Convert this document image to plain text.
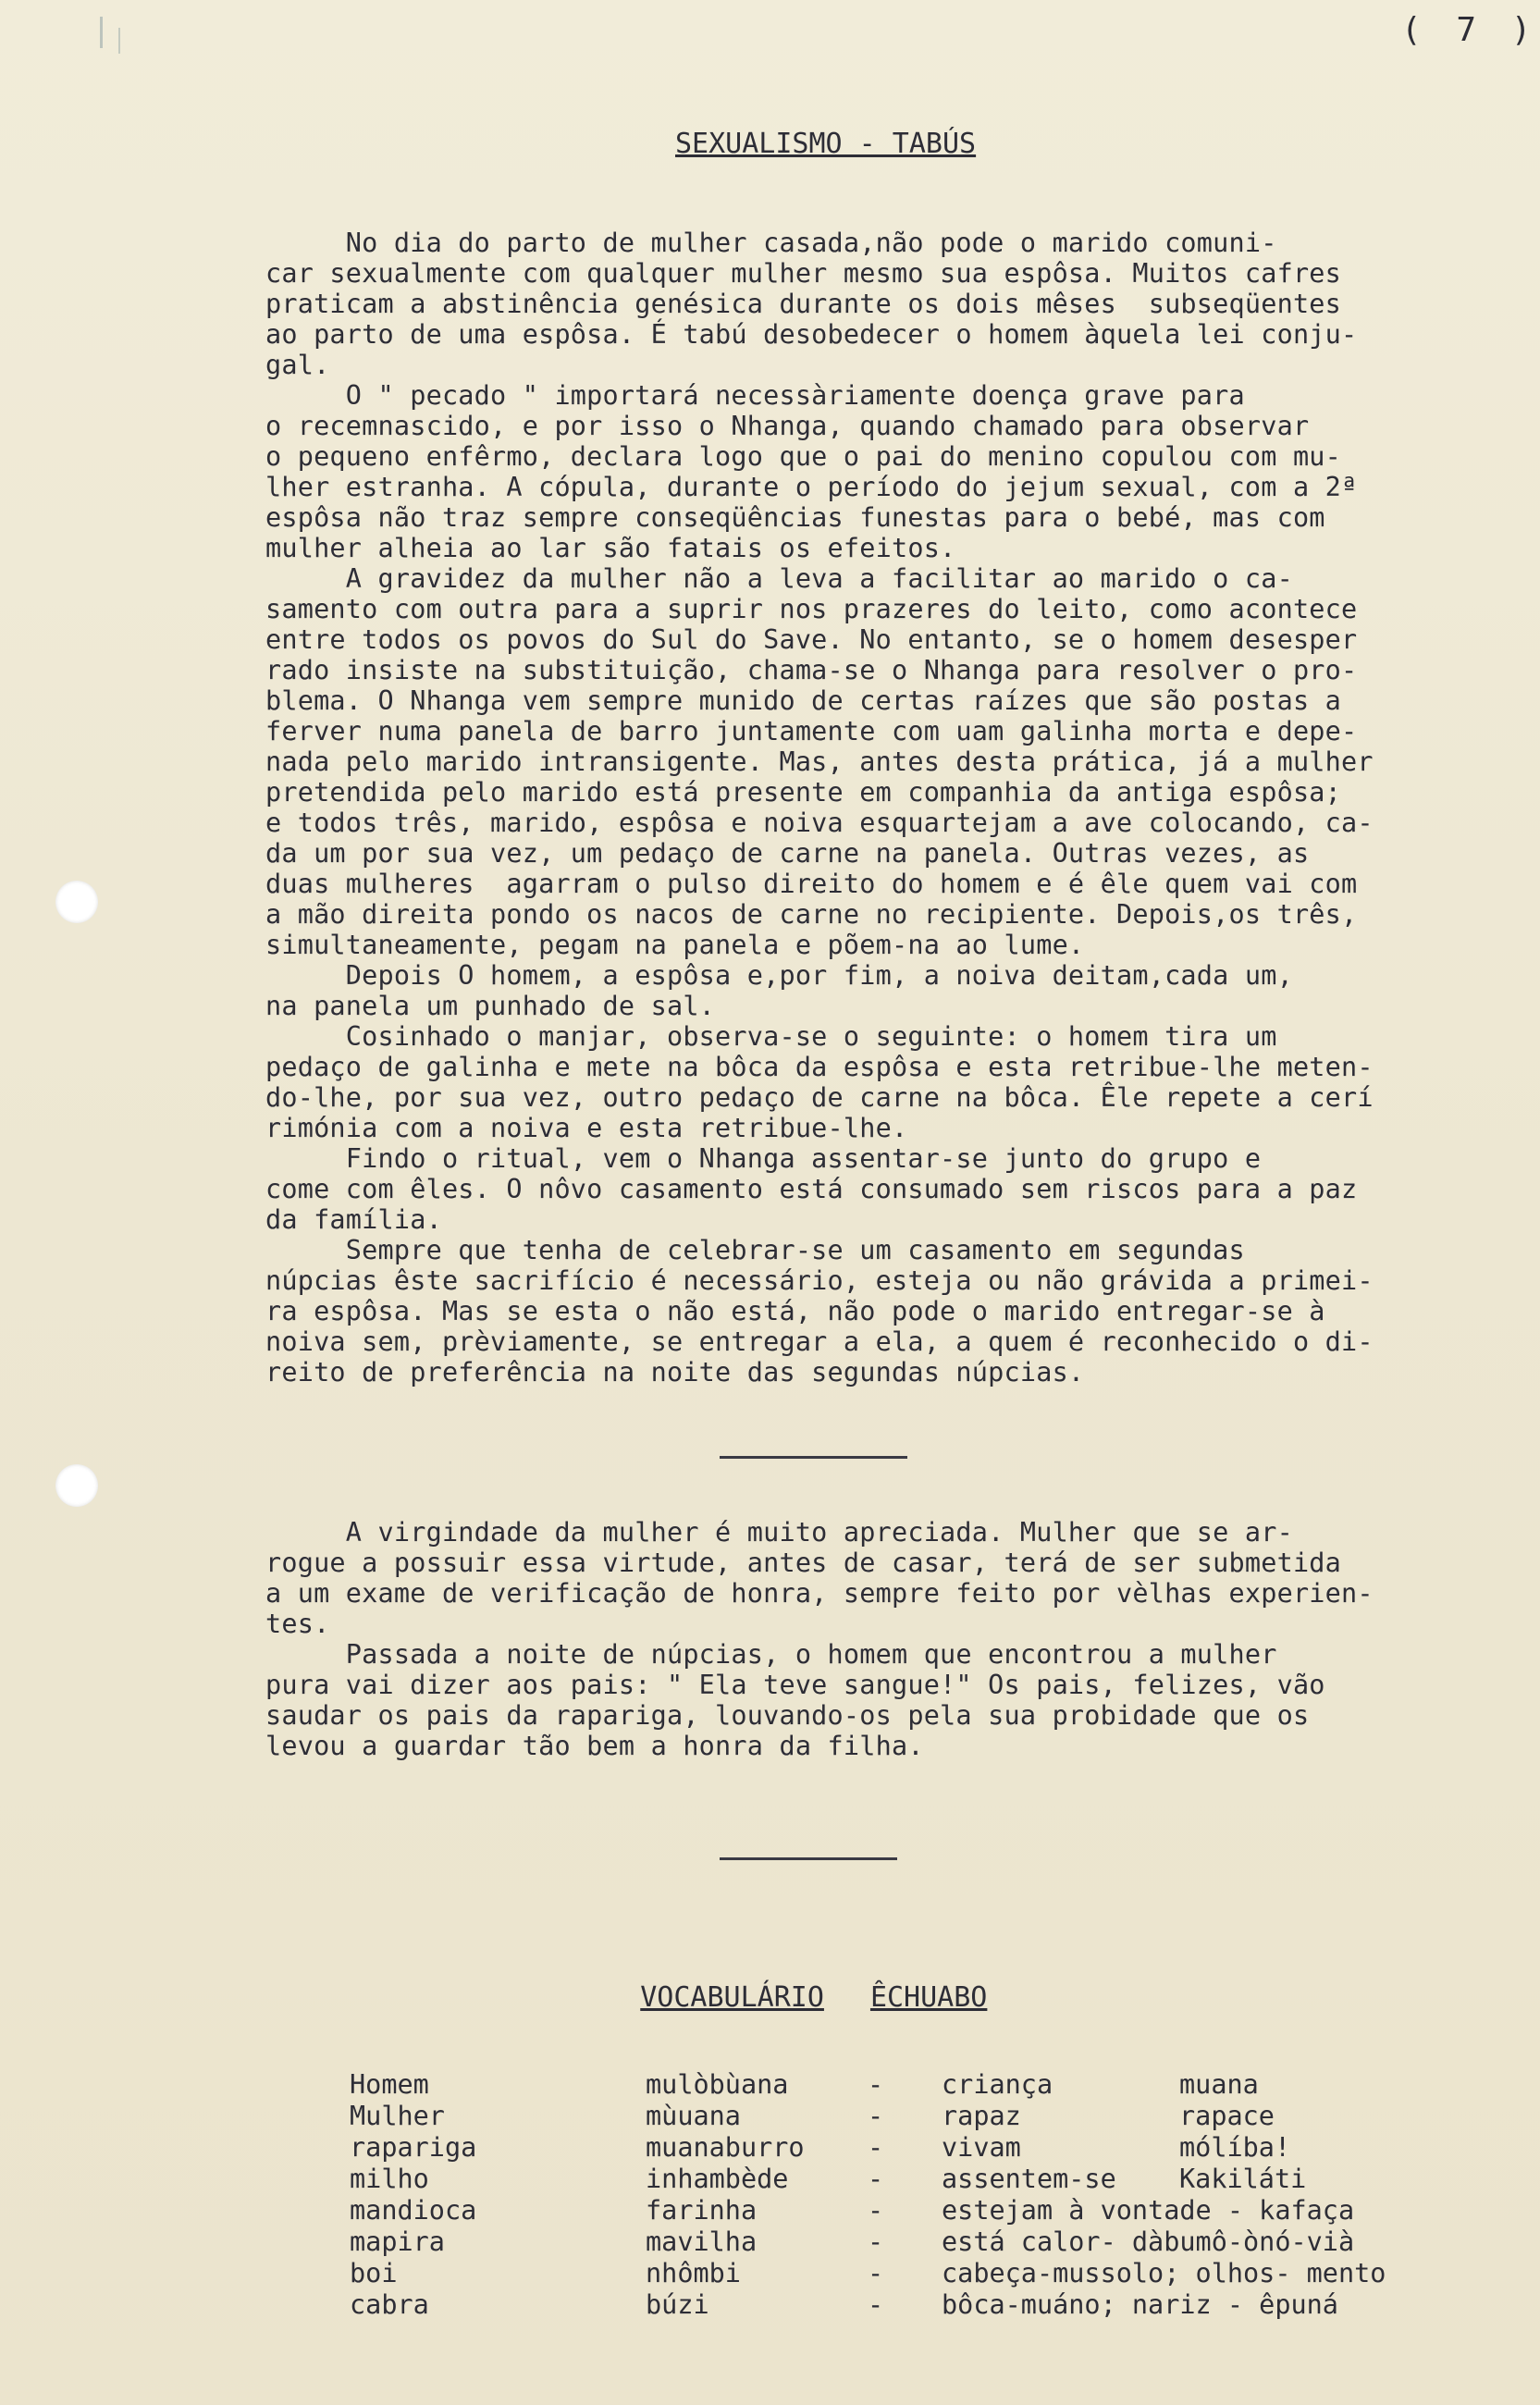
( 7 )
SEXUALISMO - TABÚS
No dia do parto de mulher casada,não pode o marido comuni-
car sexualmente com qualquer mulher mesmo sua espôsa. Muitos cafres
praticam a abstinência genésica durante os dois mêses  subseqüentes
ao parto de uma espôsa. É tabú desobedecer o homem àquela lei conju-
gal.
O " pecado " importará necessàriamente doença grave para
o recemnascido, e por isso o Nhanga, quando chamado para observar
o pequeno enfêrmo, declara logo que o pai do menino copulou com mu-
lher estranha. A cópula, durante o período do jejum sexual, com a 2ª
espôsa não traz sempre conseqüências funestas para o bebé, mas com
mulher alheia ao lar são fatais os efeitos.
A gravidez da mulher não a leva a facilitar ao marido o ca-
samento com outra para a suprir nos prazeres do leito, como acontece
entre todos os povos do Sul do Save. No entanto, se o homem desesper
rado insiste na substituição, chama-se o Nhanga para resolver o pro-
blema. O Nhanga vem sempre munido de certas raízes que são postas a
ferver numa panela de barro juntamente com uam galinha morta e depe-
nada pelo marido intransigente. Mas, antes desta prática, já a mulher
pretendida pelo marido está presente em companhia da antiga espôsa;
e todos três, marido, espôsa e noiva esquartejam a ave colocando, ca-
da um por sua vez, um pedaço de carne na panela. Outras vezes, as
duas mulheres  agarram o pulso direito do homem e é êle quem vai com
a mão direita pondo os nacos de carne no recipiente. Depois,os três,
simultaneamente, pegam na panela e põem-na ao lume.
Depois O homem, a espôsa e,por fim, a noiva deitam,cada um,
na panela um punhado de sal.
Cosinhado o manjar, observa-se o seguinte: o homem tira um
pedaço de galinha e mete na bôca da espôsa e esta retribue-lhe meten-
do-lhe, por sua vez, outro pedaço de carne na bôca. Êle repete a cerí
rimónia com a noiva e esta retribue-lhe.
Findo o ritual, vem o Nhanga assentar-se junto do grupo e
come com êles. O nôvo casamento está consumado sem riscos para a paz
da família.
Sempre que tenha de celebrar-se um casamento em segundas
núpcias êste sacrifício é necessário, esteja ou não grávida a primei-
ra espôsa. Mas se esta o não está, não pode o marido entregar-se à
noiva sem, prèviamente, se entregar a ela, a quem é reconhecido o di-
reito de preferência na noite das segundas núpcias.
A virgindade da mulher é muito apreciada. Mulher que se ar-
rogue a possuir essa virtude, antes de casar, terá de ser submetida
a um exame de verificação de honra, sempre feito por vèlhas experien-
tes.
Passada a noite de núpcias, o homem que encontrou a mulher
pura vai dizer aos pais: " Ela teve sangue!" Os pais, felizes, vão
saudar os pais da rapariga, louvando-os pela sua probidade que os
levou a guardar tão bem a honra da filha.

VOCABULÁRIO ÊCHUABO

Homem	mulòbùana	-	criança muana

Mulher	mùuana	-	rapaz rapace

rapariga	muanaburro	-	vivam mólíba!

milho	inhambède	-	assentem-se Kakiláti

mandioca	farinha	-	estejam à vontade - kafaça
mapira	mavilha	-	está calor- dàbumô-ònó-vià
boi	nhômbi	-	cabeça-mussolo; olhos- mento
cabra	búzi	-	bôca-muáno; nariz - êpuná
